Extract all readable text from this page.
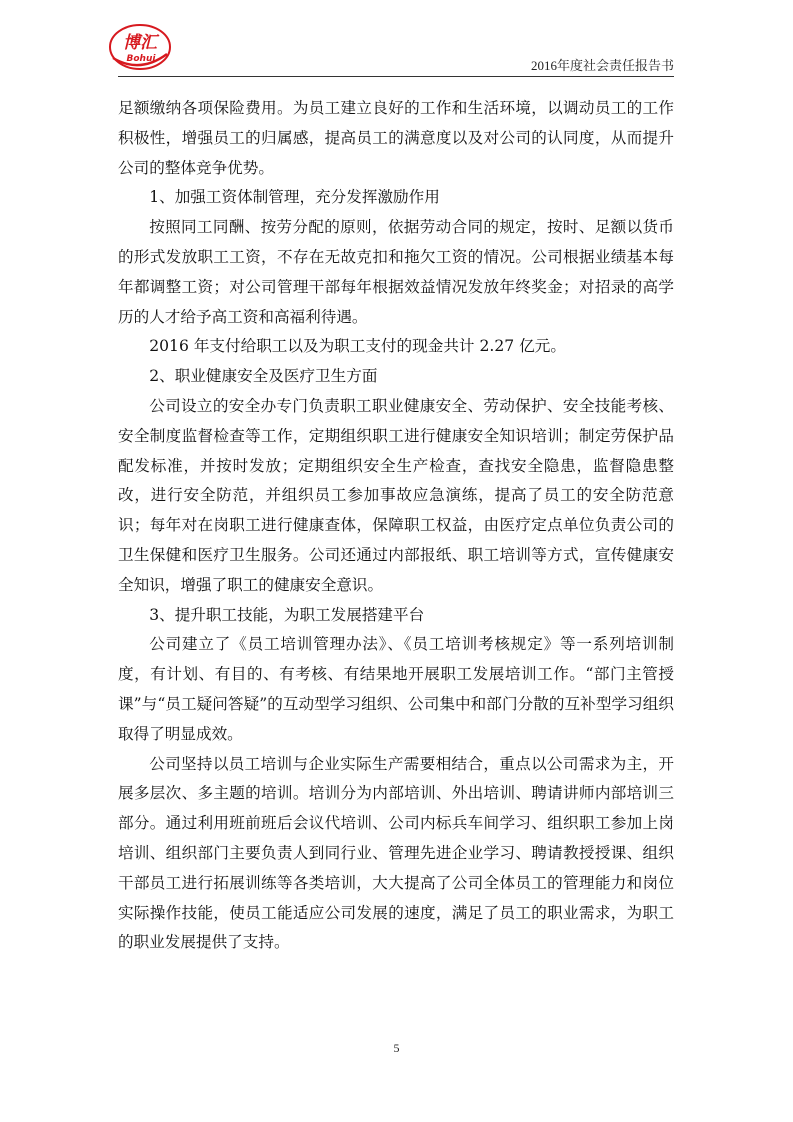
博汇
Bohui	2016年度社会责任报告书

足额缴纳各项保险费用。为员工建立良好的工作和生活环境，以调动员工的工作积极性，增强员工的归属感，提高员工的满意度以及对公司的认同度，从而提升公司的整体竞争优势。

1、加强工资体制管理，充分发挥激励作用

按照同工同酬、按劳分配的原则，依据劳动合同的规定，按时、足额以货币的形式发放职工工资，不存在无故克扣和拖欠工资的情况。公司根据业绩基本每年都调整工资；对公司管理干部每年根据效益情况发放年终奖金；对招录的高学历的人才给予高工资和高福利待遇。

2016 年支付给职工以及为职工支付的现金共计 2.27 亿元。

2、职业健康安全及医疗卫生方面

公司设立的安全办专门负责职工职业健康安全、劳动保护、安全技能考核、安全制度监督检查等工作，定期组织职工进行健康安全知识培训；制定劳保护品配发标准，并按时发放；定期组织安全生产检查，查找安全隐患，监督隐患整改，进行安全防范，并组织员工参加事故应急演练，提高了员工的安全防范意识；每年对在岗职工进行健康查体，保障职工权益，由医疗定点单位负责公司的卫生保健和医疗卫生服务。公司还通过内部报纸、职工培训等方式，宣传健康安全知识，增强了职工的健康安全意识。

3、提升职工技能，为职工发展搭建平台

公司建立了《员工培训管理办法》、《员工培训考核规定》等一系列培训制度，有计划、有目的、有考核、有结果地开展职工发展培训工作。“部门主管授课”与“员工疑问答疑”的互动型学习组织、公司集中和部门分散的互补型学习组织取得了明显成效。

公司坚持以员工培训与企业实际生产需要相结合，重点以公司需求为主，开展多层次、多主题的培训。培训分为内部培训、外出培训、聘请讲师内部培训三部分。通过利用班前班后会议代培训、公司内标兵车间学习、组织职工参加上岗培训、组织部门主要负责人到同行业、管理先进企业学习、聘请教授授课、组织干部员工进行拓展训练等各类培训，大大提高了公司全体员工的管理能力和岗位实际操作技能，使员工能适应公司发展的速度，满足了员工的职业需求，为职工的职业发展提供了支持。

5
